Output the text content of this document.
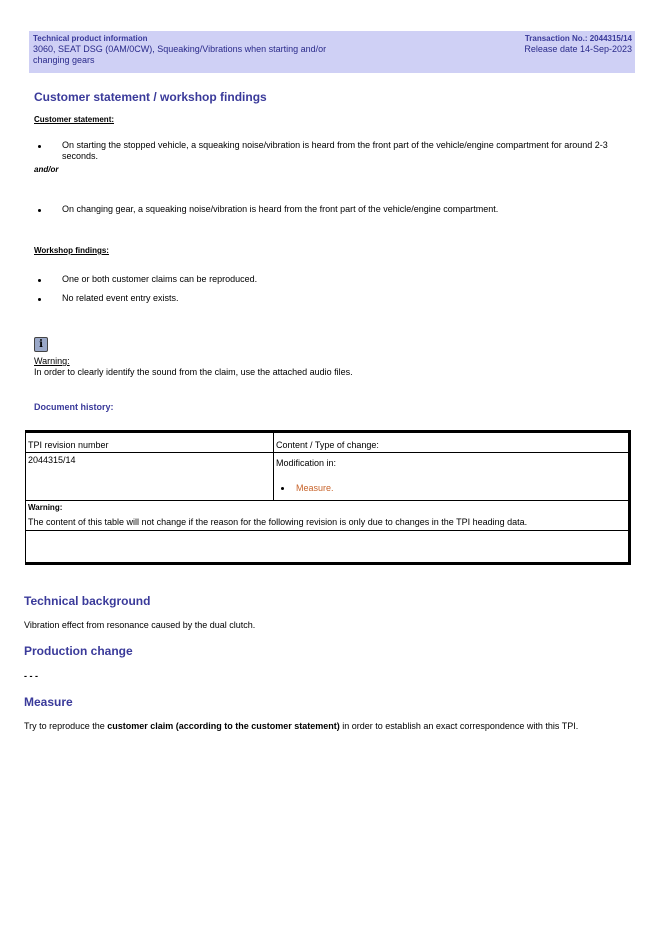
Technical product information
3060, SEAT DSG (0AM/0CW), Squeaking/Vibrations when starting and/or changing gears
Transaction No.: 2044315/14
Release date 14-Sep-2023
Customer statement / workshop findings
Customer statement:
On starting the stopped vehicle, a squeaking noise/vibration is heard from the front part of the vehicle/engine compartment for around 2-3 seconds.
and/or
On changing gear, a squeaking noise/vibration is heard from the front part of the vehicle/engine compartment.
Workshop findings:
One or both customer claims can be reproduced.
No related event entry exists.
i
Warning:
In order to clearly identify the sound from the claim, use the attached audio files.
Document history:
TPI revision number	Content / Type of change:
2044315/14	Modification in:
Measure.

Warning:	
The content of this table will not change if the reason for the following revision is only due to changes in the TPI heading data.	
Technical background
Vibration effect from resonance caused by the dual clutch.
Production change
- - -
Measure
Try to reproduce the customer claim (according to the customer statement) in order to establish an exact correspondence with this TPI.
